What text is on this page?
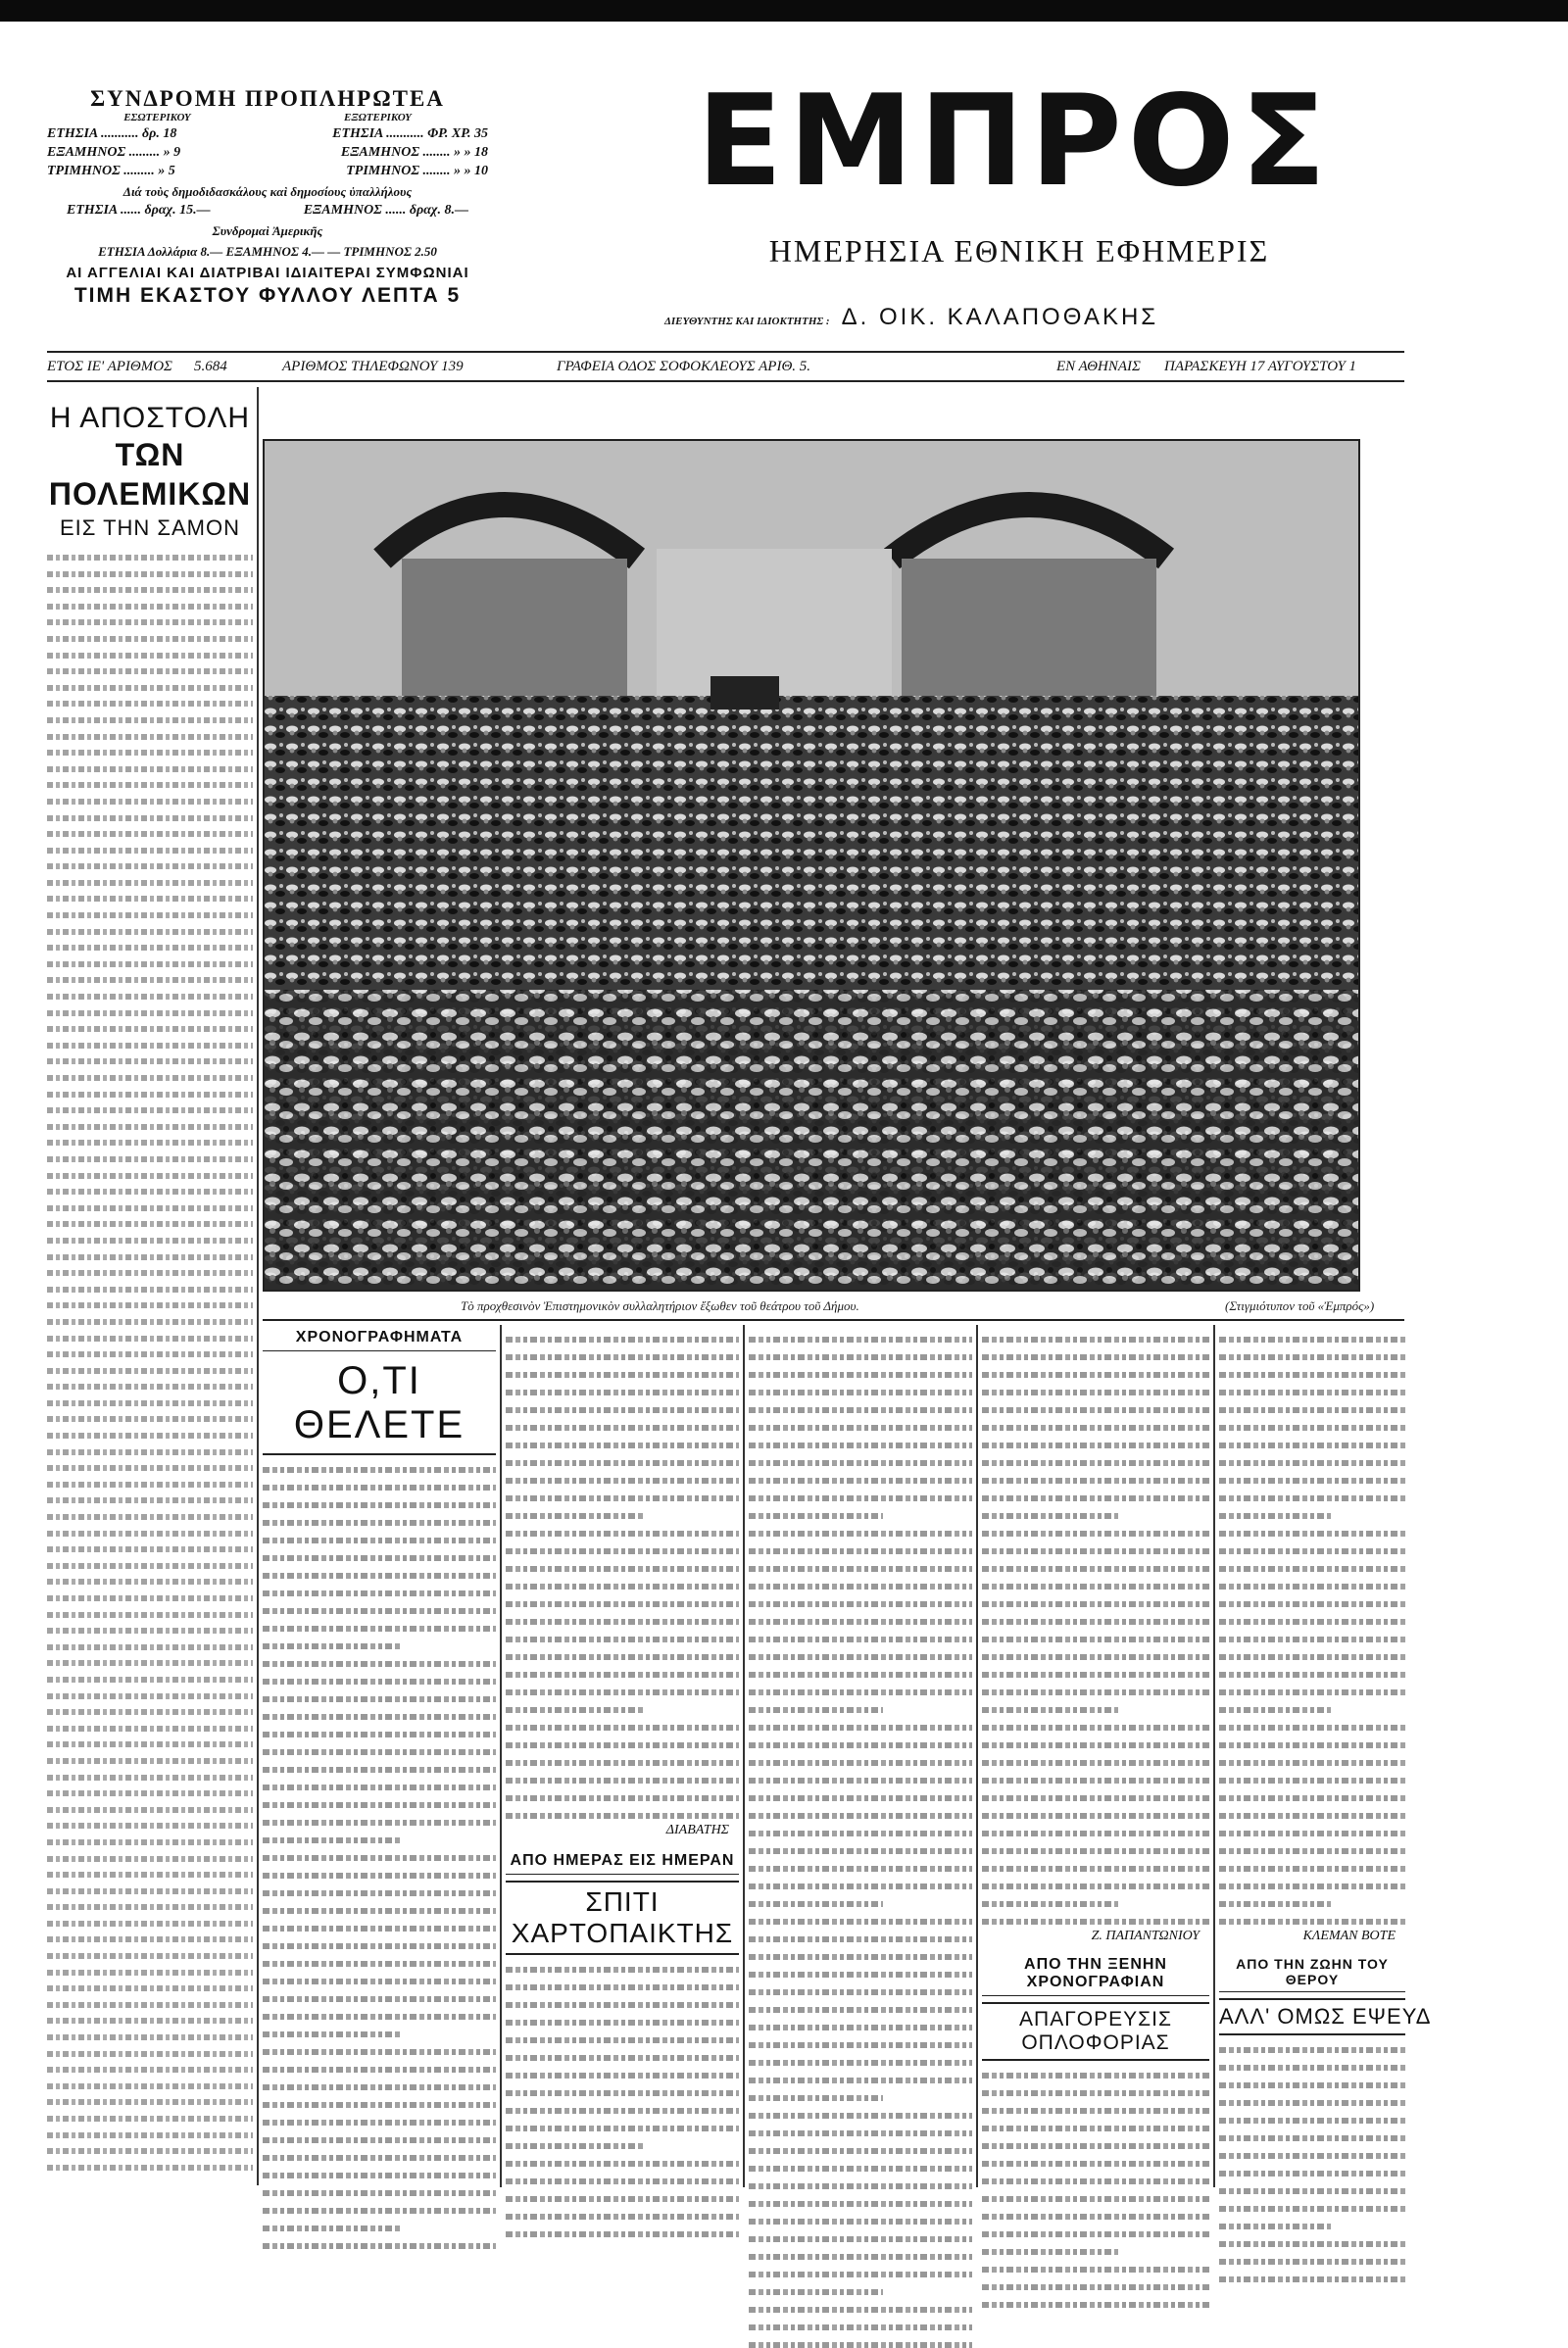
ΣΥΝΔΡΟΜΗ ΠΡΟΠΛΗΡΩΤΕΑ
ΕΣΩΤΕΡΙΚΟΥ	ΕΞΩΤΕΡΙΚΟΥ
ΕΤΗΣΙΑ ........... δρ. 18	ΕΤΗΣΙΑ ........... ΦΡ. ΧΡ. 35
ΕΞΑΜΗΝΟΣ ......... » 9	ΕΞΑΜΗΝΟΣ ........ » » 18
ΤΡΙΜΗΝΟΣ ......... » 5	ΤΡΙΜΗΝΟΣ ........ » » 10
Διά τοὺς δημοδιδασκάλους καὶ δημοσίους ὑπαλλήλους
ΕΤΗΣΙΑ ...... δραχ. 15.—	ΕΞΑΜΗΝΟΣ ...... δραχ. 8.—
Συνδρομαὶ Ἀμερικῆς
ΕΤΗΣΙΑ Δολλάρια 8.— ΕΞΑΜΗΝΟΣ 4.— — ΤΡΙΜΗΝΟΣ 2.50
ΑΙ ΑΓΓΕΛΙΑΙ ΚΑΙ ΔΙΑΤΡΙΒΑΙ ΙΔΙΑΙΤΕΡΑΙ ΣΥΜΦΩΝΙΑΙ
ΤΙΜΗ ΕΚΑΣΤΟΥ ΦΥΛΛΟΥ ΛΕΠΤΑ 5
ΕΜΠΡΟΣ
ΗΜΕΡΗΣΙΑ ΕΘΝΙΚΗ ΕΦΗΜΕΡΙΣ
ΔΙΕΥΘΥΝΤΗΣ ΚΑΙ ΙΔΙΟΚΤΗΤΗΣ : Δ. ΟΙΚ. ΚΑΛΑΠΟΘΑΚΗΣ
ΕΤΟΣ ΙΕ' ΑΡΙΘΜΟΣ 5.684	ΑΡΙΘΜΟΣ ΤΗΛΕΦΩΝΟΥ 139	ΓΡΑΦΕΙΑ ΟΔΟΣ ΣΟΦΟΚΛΕΟΥΣ ΑΡΙΘ. 5.	ΕΝ ΑΘΗΝΑΙΣ ΠΑΡΑΣΚΕΥΗ 17 ΑΥΓΟΥΣΤΟΥ 1
Η ΑΠΟΣΤΟΛΗ
ΤΩΝ ΠΟΛΕΜΙΚΩΝ
ΕΙΣ ΤΗΝ ΣΑΜΟΝ
Τὸ προχθεσινὸν Ἐπιστημονικὸν συλλαλητήριον ἔξωθεν τοῦ θεάτρου τοῦ Δήμου.	(Στιγμιότυπον τοῦ «Ἐμπρός»)
ΧΡΟΝΟΓΡΑΦΗΜΑΤΑ
Ο,ΤΙ ΘΕΛΕΤΕ
ΔΙΑΒΑΤΗΣ
ΑΠΟ ΗΜΕΡΑΣ ΕΙΣ ΗΜΕΡΑΝ
ΣΠΙΤΙ ΧΑΡΤΟΠΑΙΚΤΗΣ	Ζ. ΠΑΠΑΝΤΩΝΙΟΥ
ΑΠΟ ΤΗΝ ΞΕΝΗΝ ΧΡΟΝΟΓΡΑΦΙΑΝ
ΑΠΑΓΟΡΕΥΣΙΣ ΟΠΛΟΦΟΡΙΑΣ
ΚΛΕΜΑΝ ΒΟΤΕ
ΑΠΟ ΤΗΝ ΖΩΗΝ ΤΟΥ ΘΕΡΟΥ
ΑΛΛ' ΟΜΩΣ ΕΨΕΥΔ
